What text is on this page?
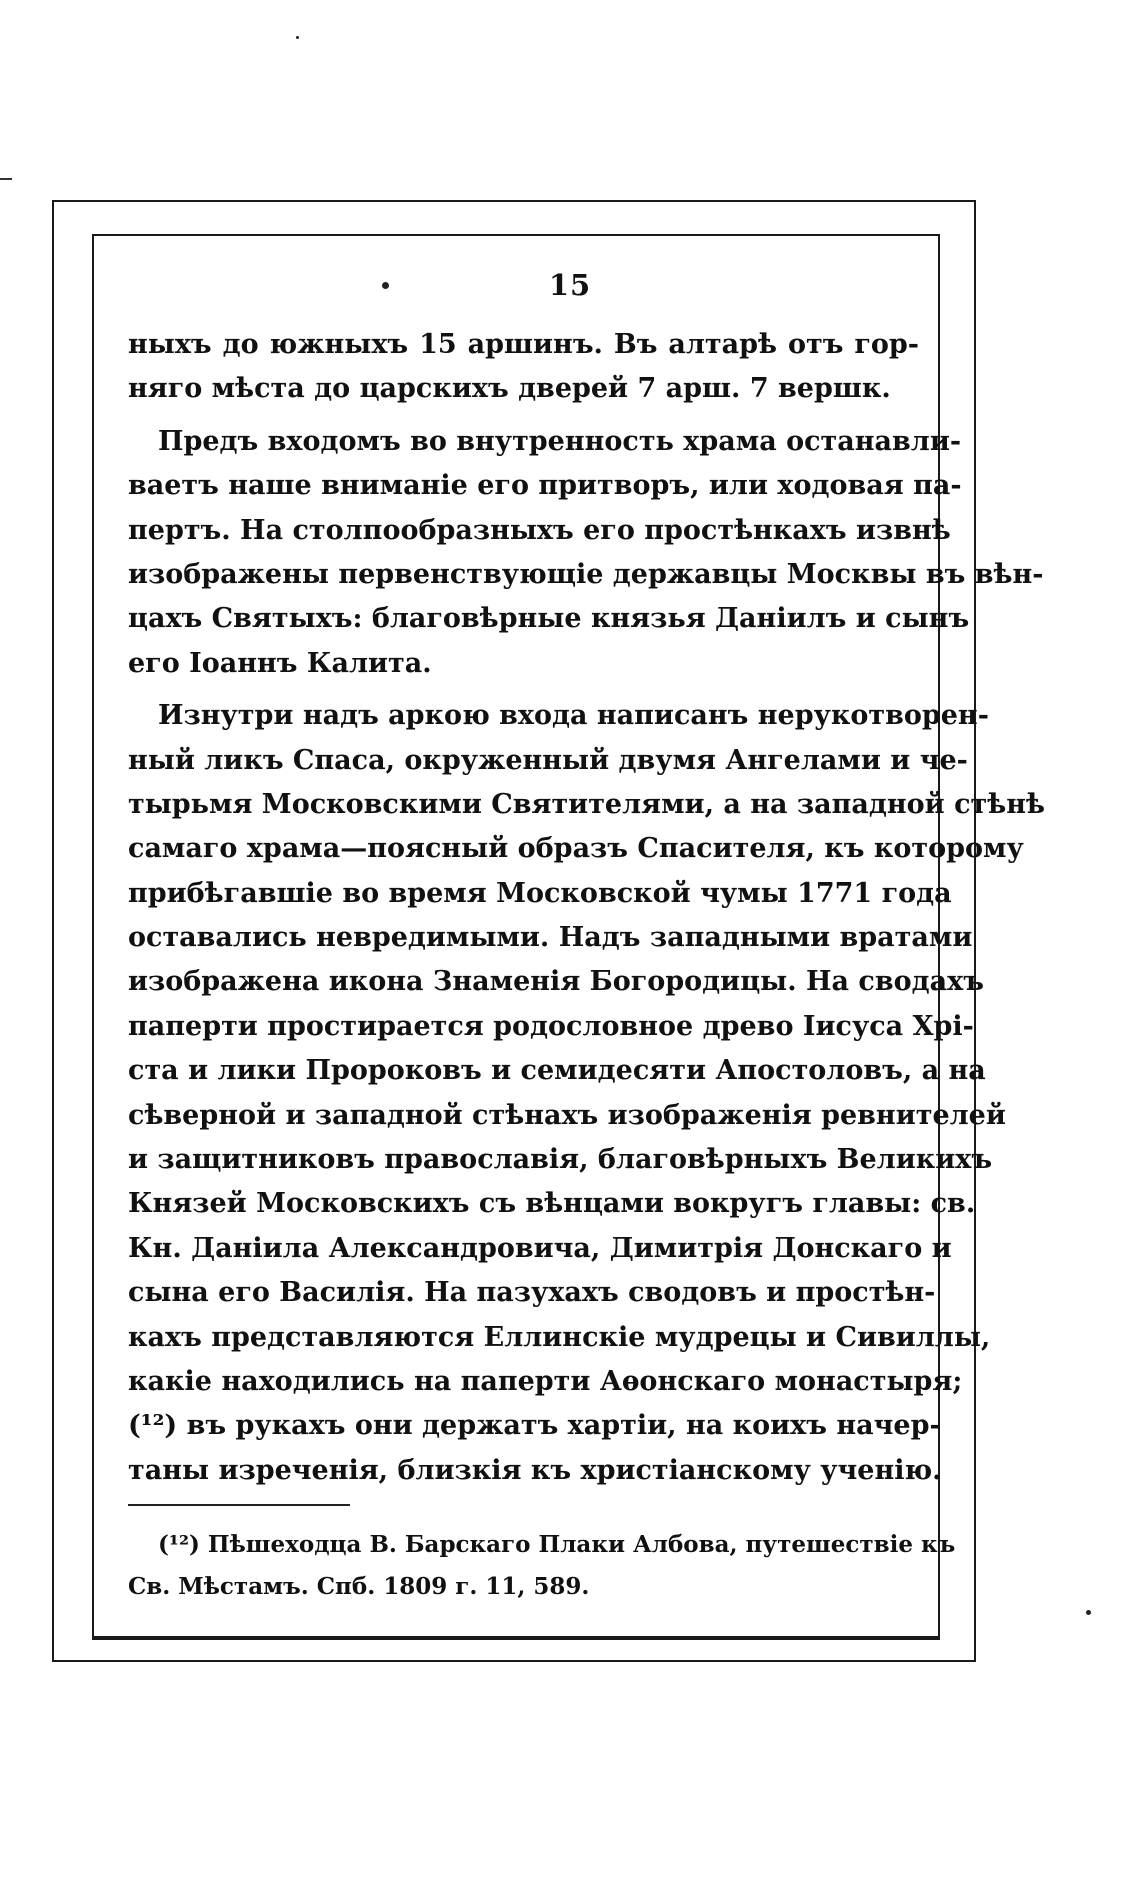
15
ныхъ до южныхъ 15 аршинъ. Въ алтарѣ отъ гор-
няго мѣста до царскихъ дверей 7 арш. 7 вершк.
Предъ входомъ во внутренность храма останавли-
ваетъ наше вниманіе его притворъ, или ходовая па-
пертъ. На столпообразныхъ его простѣнкахъ извнѣ
изображены первенствующіе державцы Москвы въ вѣн-
цахъ Святыхъ: благовѣрные князья Даніилъ и сынъ
его Іоаннъ Калита.
Изнутри надъ аркою входа написанъ нерукотворен-
ный ликъ Спаса, окруженный двумя Ангелами и че-
тырьмя Московскими Святителями, а на западной стѣнѣ
самаго храма—поясный образъ Спасителя, къ которому
прибѣгавшіе во время Московской чумы 1771 года
оставались невредимыми. Надъ западными вратами
изображена икона Знаменія Богородицы. На сводахъ
паперти простирается родословное древо Іисуса Хрі-
ста и лики Пророковъ и семидесяти Апостоловъ, а на
сѣверной и западной стѣнахъ изображенія ревнителей
и защитниковъ православія, благовѣрныхъ Великихъ
Князей Московскихъ съ вѣнцами вокругъ главы: св.
Кн. Даніила Александровича, Димитрія Донскаго и
сына его Василія. На пазухахъ сводовъ и простѣн-
кахъ представляются Еллинскіе мудрецы и Сивиллы,
какіе находились на паперти Аѳонскаго монастыря;
(¹²) въ рукахъ они держатъ хартіи, на коихъ начер-
таны изреченія, близкія къ христіанскому ученію.
(¹²) Пѣшеходца В. Барскаго Плаки Албова, путешествіе къ
Св. Мѣстамъ. Спб. 1809 г. 11, 589.
